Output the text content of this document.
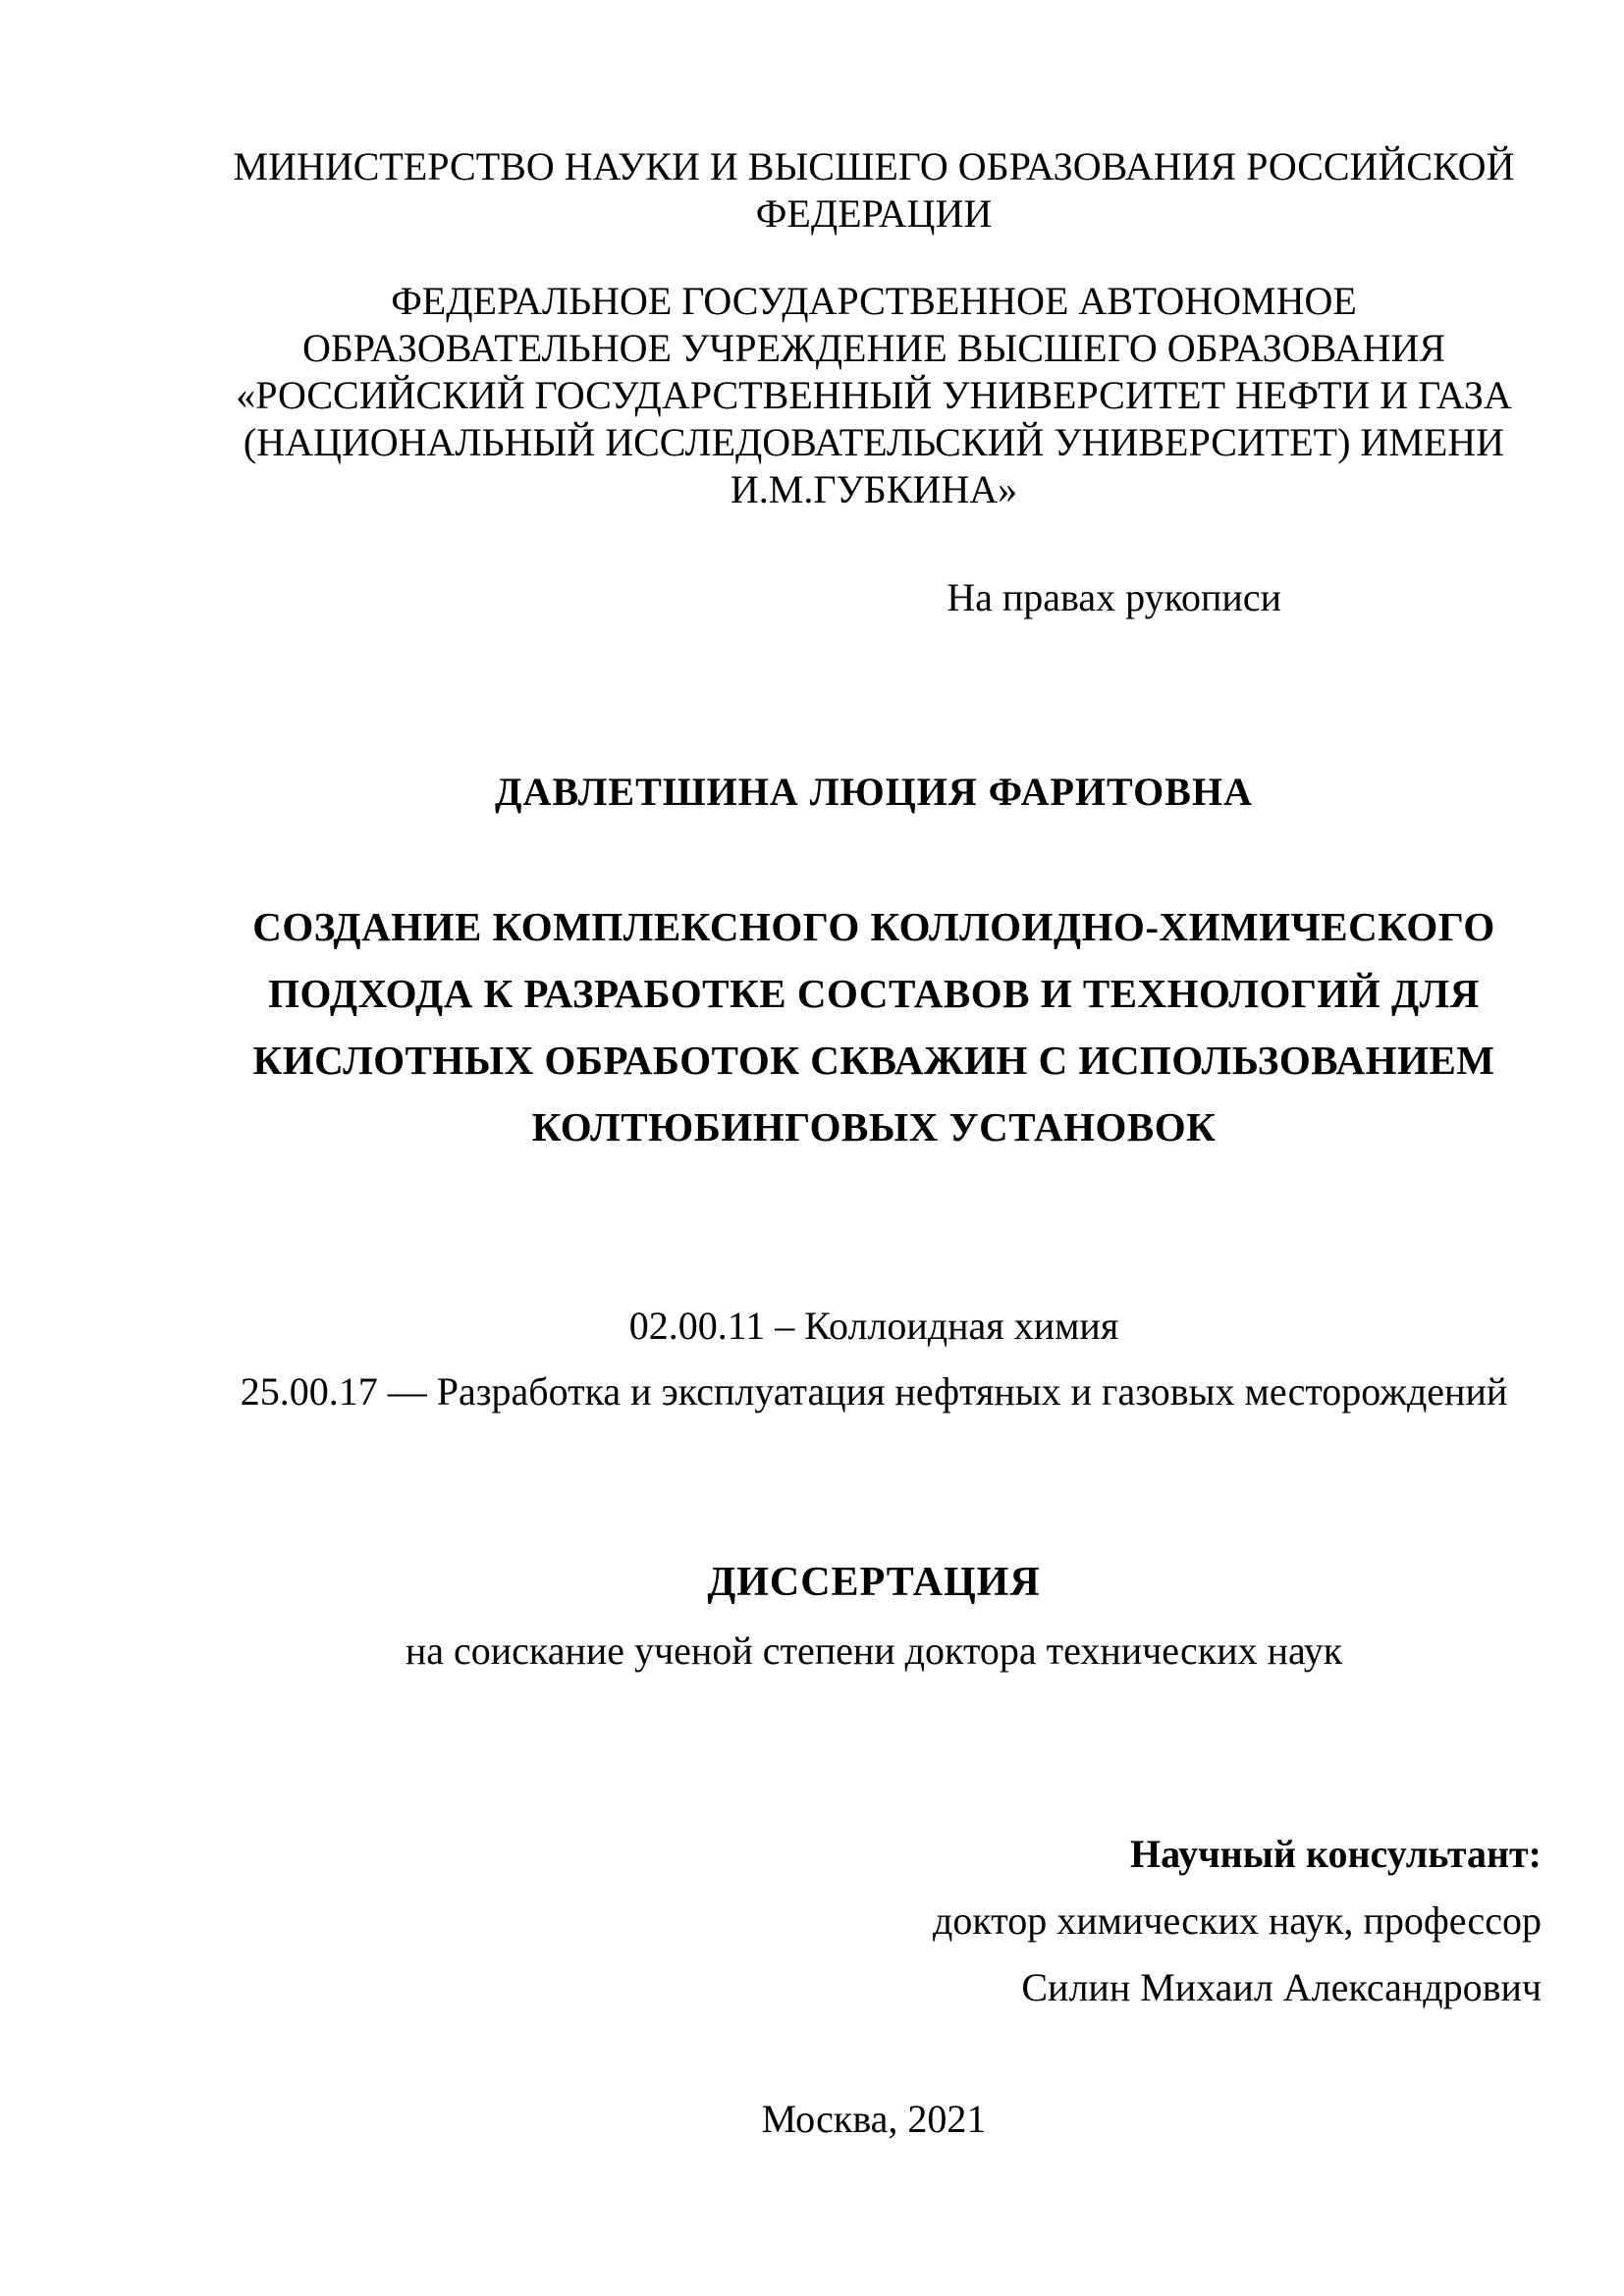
МИНИСТЕРСТВО НАУКИ И ВЫСШЕГО ОБРАЗОВАНИЯ РОССИЙСКОЙ
ФЕДЕРАЦИИ
ФЕДЕРАЛЬНОЕ ГОСУДАРСТВЕННОЕ АВТОНОМНОЕ
ОБРАЗОВАТЕЛЬНОЕ УЧРЕЖДЕНИЕ ВЫСШЕГО ОБРАЗОВАНИЯ
«РОССИЙСКИЙ ГОСУДАРСТВЕННЫЙ УНИВЕРСИТЕТ НЕФТИ И ГАЗА
(НАЦИОНАЛЬНЫЙ ИССЛЕДОВАТЕЛЬСКИЙ УНИВЕРСИТЕТ) ИМЕНИ
И.М.ГУБКИНА»
На правах рукописи
ДАВЛЕТШИНА ЛЮЦИЯ ФАРИТОВНА
СОЗДАНИЕ КОМПЛЕКСНОГО КОЛЛОИДНО-ХИМИЧЕСКОГО
ПОДХОДА К РАЗРАБОТКЕ СОСТАВОВ И ТЕХНОЛОГИЙ ДЛЯ
КИСЛОТНЫХ ОБРАБОТОК СКВАЖИН С ИСПОЛЬЗОВАНИЕМ
КОЛТЮБИНГОВЫХ УСТАНОВОК
02.00.11 – Коллоидная химия
25.00.17 — Разработка и эксплуатация нефтяных и газовых месторождений
ДИССЕРТАЦИЯ
на соискание ученой степени доктора технических наук
Научный консультант:
доктор химических наук, профессор
Силин Михаил Александрович
Москва, 2021
